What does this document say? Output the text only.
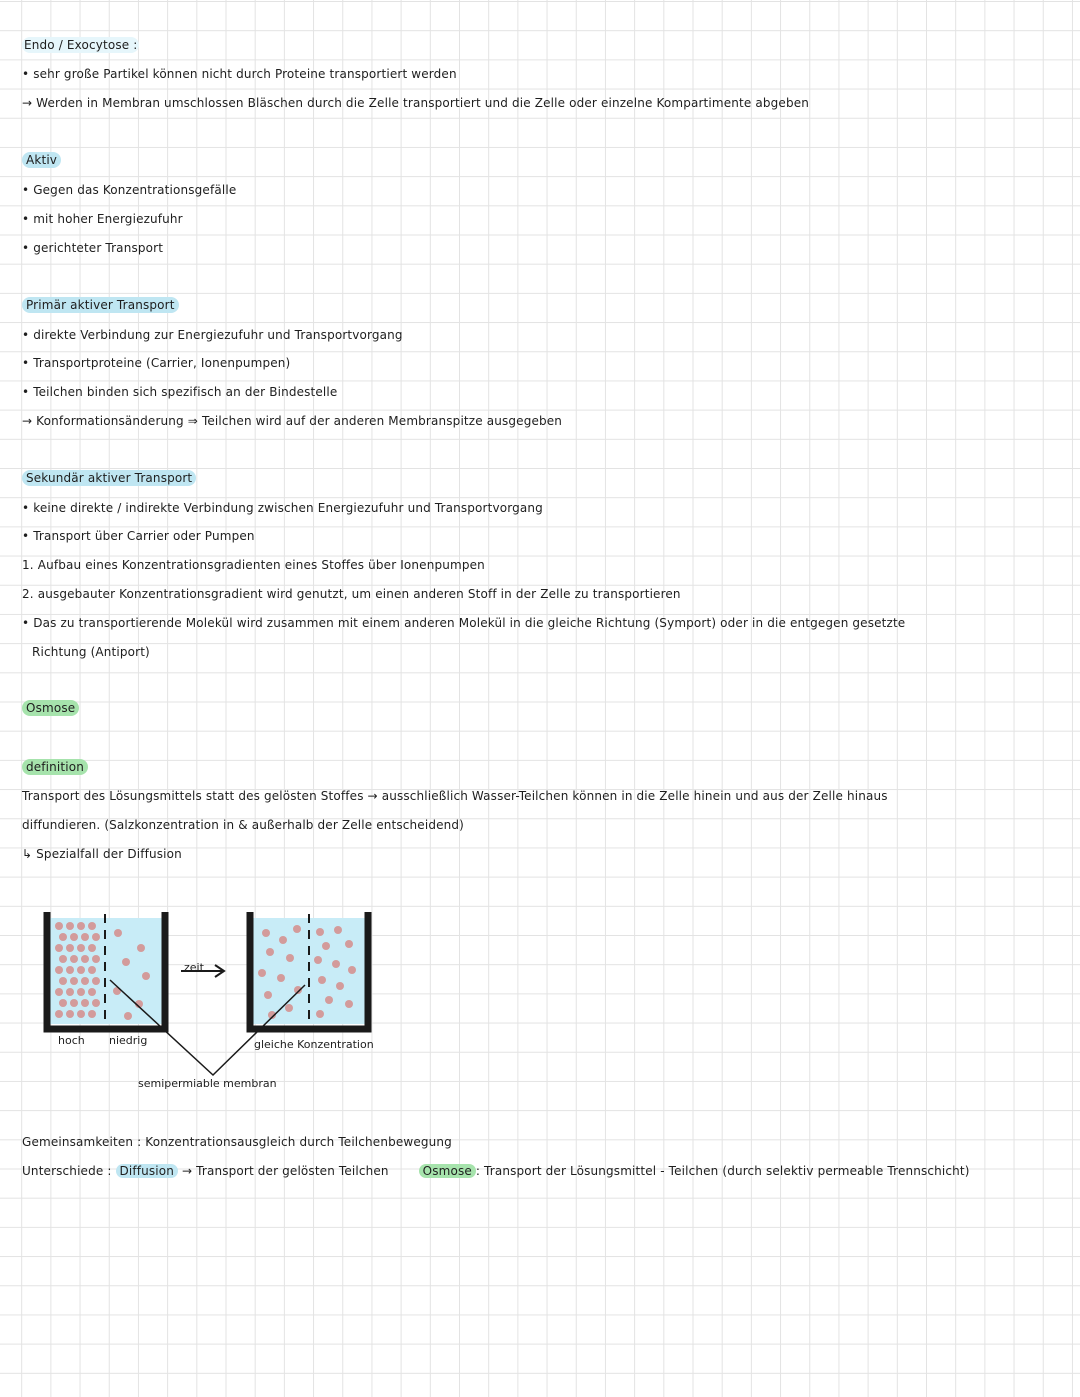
Endo / Exocytose :
• sehr große Partikel können nicht durch Proteine transportiert werden
→ Werden in Membran umschlossen Bläschen durch die Zelle transportiert und die Zelle oder einzelne Kompartimente abgeben
Aktiv
• Gegen das Konzentrationsgefälle
• mit hoher Energiezufuhr
• gerichteter Transport
Primär aktiver Transport
• direkte Verbindung zur Energiezufuhr und Transportvorgang
• Transportproteine (Carrier, Ionenpumpen)
• Teilchen binden sich spezifisch an der Bindestelle
→ Konformationsänderung ⇒ Teilchen wird auf der anderen Membranspitze ausgegeben
Sekundär aktiver Transport
• keine direkte / indirekte Verbindung zwischen Energiezufuhr und Transportvorgang
• Transport über Carrier oder Pumpen
1. Aufbau eines Konzentrationsgradienten eines Stoffes über Ionenpumpen
2. ausgebauter Konzentrationsgradient wird genutzt, um einen anderen Stoff in der Zelle zu transportieren
• Das zu transportierende Molekül wird zusammen mit einem anderen Molekül in die gleiche Richtung (Symport) oder in die entgegen gesetzte
Richtung (Antiport)
Osmose
definition
Transport des Lösungsmittels statt des gelösten Stoffes → ausschließlich Wasser-Teilchen können in die Zelle hinein und aus der Zelle hinaus
diffundieren. (Salzkonzentration in & außerhalb der Zelle entscheidend)
↳ Spezialfall der Diffusion
zeit
hoch niedrig	gleiche Konzentration
semipermiable membran
Gemeinsamkeiten : Konzentrationsausgleich durch Teilchenbewegung
Unterschiede : Diffusion → Transport der gelösten Teilchen	Osmose : Transport der Lösungsmittel - Teilchen (durch selektiv permeable Trennschicht)
